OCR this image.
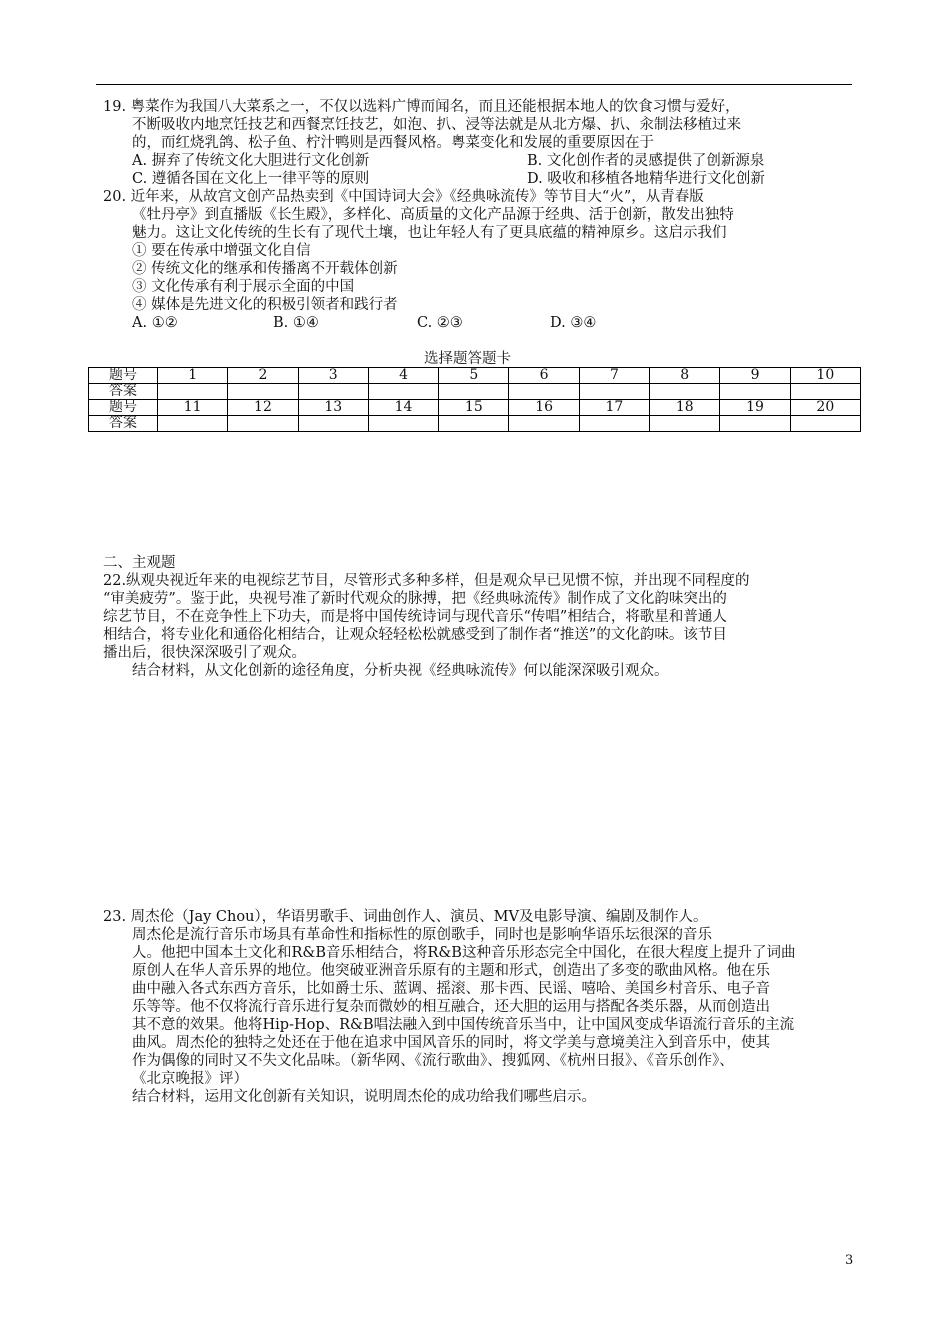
19. 粤菜作为我国八大菜系之一，不仅以选料广博而闻名，而且还能根据本地人的饮食习惯与爱好，
不断吸收内地烹饪技艺和西餐烹饪技艺，如泡、扒、浸等法就是从北方爆、扒、汆制法移植过来
的，而红烧乳鸽、松子鱼、柠汁鸭则是西餐风格。粤菜变化和发展的重要原因在于
A. 摒弃了传统文化大胆进行文化创新	B. 文化创作者的灵感提供了创新源泉
C. 遵循各国在文化上一律平等的原则	D. 吸收和移植各地精华进行文化创新
20. 近年来，从故宫文创产品热卖到《中国诗词大会》《经典咏流传》等节目大“火”，从青春版
《牡丹亭》到直播版《长生殿》，多样化、高质量的文化产品源于经典、活于创新，散发出独特
魅力。这让文化传统的生长有了现代土壤，也让年轻人有了更具底蕴的精神原乡。这启示我们
① 要在传承中增强文化自信
② 传统文化的继承和传播离不开载体创新
③ 文化传承有利于展示全面的中国
④ 媒体是先进文化的积极引领者和践行者
A. ①②	B. ①④	C. ②③	D. ③④
选择题答题卡
题号	1	2	3	4	5	6	7	8	9	10
答案										
题号	11	12	13	14	15	16	17	18	19	20
答案										
二、主观题
22.纵观央视近年来的电视综艺节目，尽管形式多种多样，但是观众早已见惯不惊，并出现不同程度的
“审美疲劳”。鉴于此，央视号准了新时代观众的脉搏，把《经典咏流传》制作成了文化韵味突出的
综艺节目，不在竞争性上下功夫，而是将中国传统诗词与现代音乐“传唱”相结合，将歌星和普通人
相结合，将专业化和通俗化相结合，让观众轻轻松松就感受到了制作者“推送”的文化韵味。该节目
播出后，很快深深吸引了观众。
结合材料，从文化创新的途径角度，分析央视《经典咏流传》何以能深深吸引观众。
23. 周杰伦（Jay Chou），华语男歌手、词曲创作人、演员、MV及电影导演、编剧及制作人。
周杰伦是流行音乐市场具有革命性和指标性的原创歌手，同时也是影响华语乐坛很深的音乐
人。他把中国本土文化和R&B音乐相结合，将R&B这种音乐形态完全中国化，在很大程度上提升了词曲
原创人在华人音乐界的地位。他突破亚洲音乐原有的主题和形式，创造出了多变的歌曲风格。他在乐
曲中融入各式东西方音乐，比如爵士乐、蓝调、摇滚、那卡西、民谣、嘻哈、美国乡村音乐、电子音
乐等等。他不仅将流行音乐进行复杂而微妙的相互融合，还大胆的运用与搭配各类乐器，从而创造出
其不意的效果。他将Hip-Hop、R&B唱法融入到中国传统音乐当中，让中国风变成华语流行音乐的主流
曲风。周杰伦的独特之处还在于他在追求中国风音乐的同时，将文学美与意境美注入到音乐中，使其
作为偶像的同时又不失文化品味。（新华网、《流行歌曲》、搜狐网、《杭州日报》、《音乐创作》、
《北京晚报》评）
结合材料，运用文化创新有关知识，说明周杰伦的成功给我们哪些启示。
3
